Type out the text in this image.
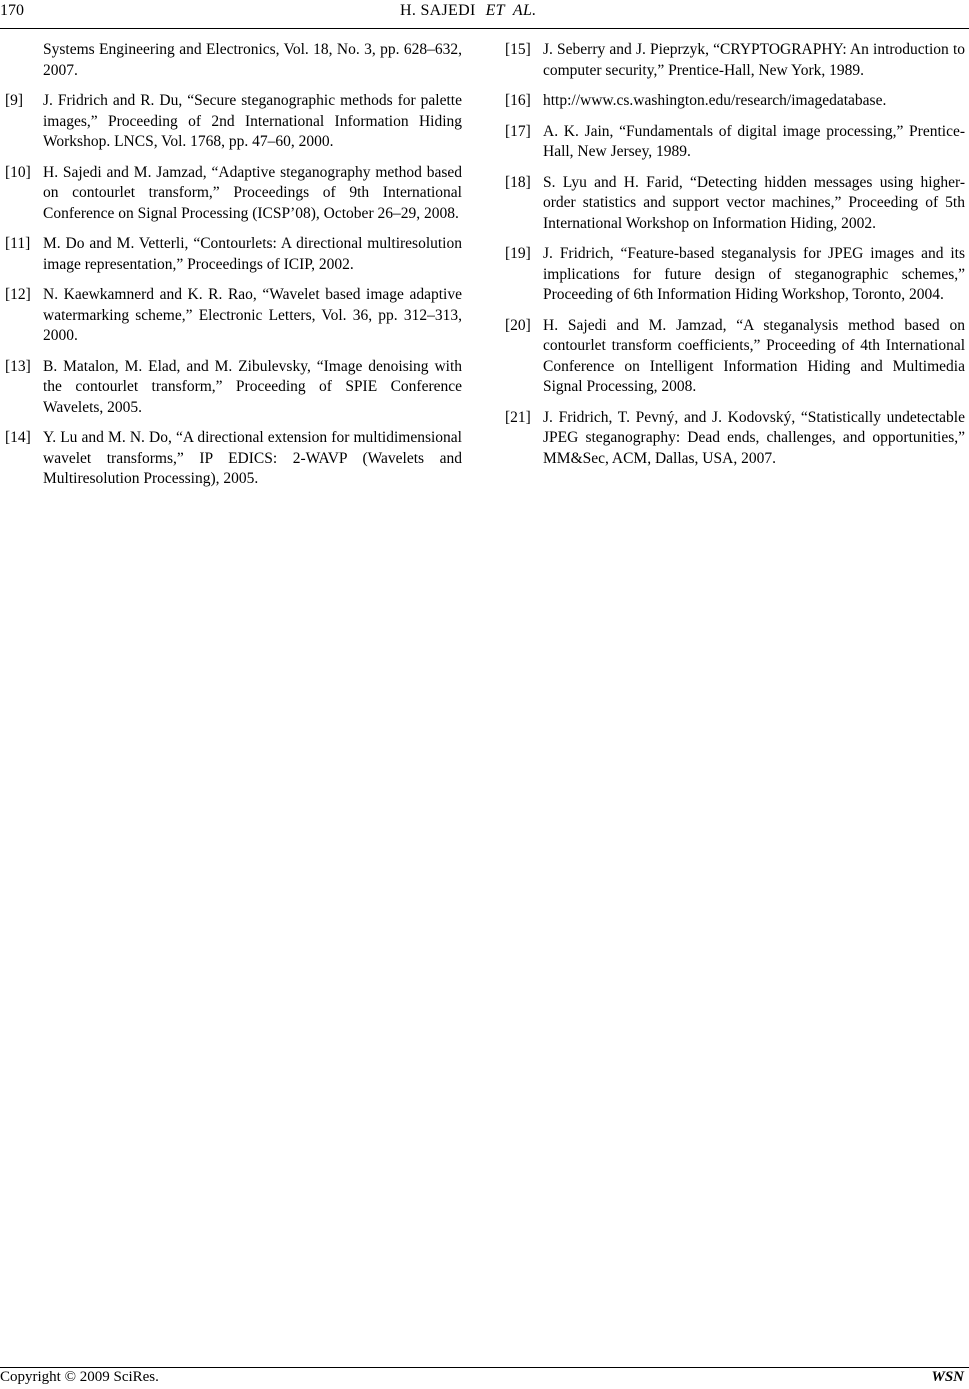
170	H. SAJEDI ET AL.
Systems Engineering and Electronics, Vol. 18, No. 3, pp. 628–632, 2007.
[9] J. Fridrich and R. Du, “Secure steganographic methods for palette images,” Proceeding of 2nd International Information Hiding Workshop. LNCS, Vol. 1768, pp. 47–60, 2000.
[10] H. Sajedi and M. Jamzad, “Adaptive steganography method based on contourlet transform,” Proceedings of 9th International Conference on Signal Processing (ICSP’08), October 26–29, 2008.
[11] M. Do and M. Vetterli, “Contourlets: A directional multiresolution image representation,” Proceedings of ICIP, 2002.
[12] N. Kaewkamnerd and K. R. Rao, “Wavelet based image adaptive watermarking scheme,” Electronic Letters, Vol. 36, pp. 312–313, 2000.
[13] B. Matalon, M. Elad, and M. Zibulevsky, “Image denoising with the contourlet transform,” Proceeding of SPIE Conference Wavelets, 2005.
[14] Y. Lu and M. N. Do, “A directional extension for multidimensional wavelet transforms,” IP EDICS: 2-WAVP (Wavelets and Multiresolution Processing), 2005.
[15] J. Seberry and J. Pieprzyk, “CRYPTOGRAPHY: An introduction to computer security,” Prentice-Hall, New York, 1989.
[16] http://www.cs.washington.edu/research/imagedatabase.
[17] A. K. Jain, “Fundamentals of digital image processing,” Prentice-Hall, New Jersey, 1989.
[18] S. Lyu and H. Farid, “Detecting hidden messages using higher-order statistics and support vector machines,” Proceeding of 5th International Workshop on Information Hiding, 2002.
[19] J. Fridrich, “Feature-based steganalysis for JPEG images and its implications for future design of steganographic schemes,” Proceeding of 6th Information Hiding Workshop, Toronto, 2004.
[20] H. Sajedi and M. Jamzad, “A steganalysis method based on contourlet transform coefficients,” Proceeding of 4th International Conference on Intelligent Information Hiding and Multimedia Signal Processing, 2008.
[21] J. Fridrich, T. Pevný, and J. Kodovský, “Statistically undetectable JPEG steganography: Dead ends, challenges, and opportunities,” MM&Sec, ACM, Dallas, USA, 2007.
Copyright © 2009 SciRes.	WSN
